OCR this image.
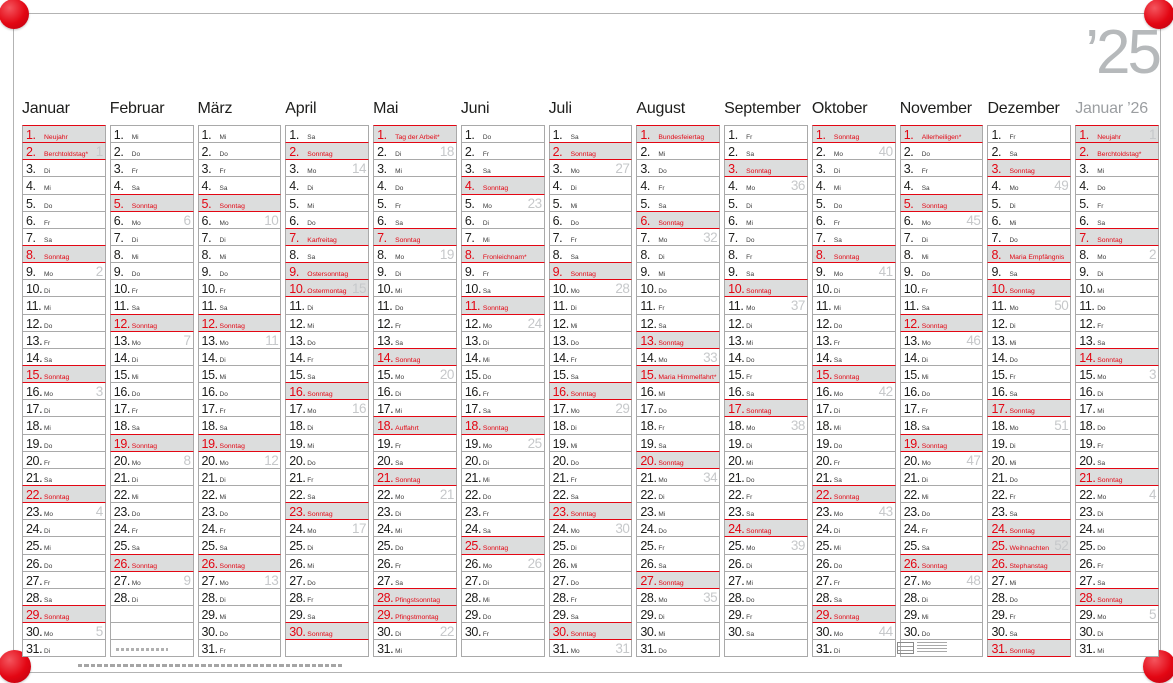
’25
Januar
1. Neujahr
2. Berchtoldstag* 1
3. Di
4. Mi
5. Do
6. Fr
7. Sa
8. Sonntag
9. Mo	2
10. Di
11. Mi
12. Do
13. Fr
14. Sa
15. Sonntag
16. Mo	3
17. Di
18. Mi
19. Do
20. Fr
21. Sa
22. Sonntag
23. Mo	4
24. Di
25. Mi
26. Do
27. Fr
28. Sa
29. Sonntag
30. Mo	5
31. Di
Februar
1. Mi
2. Do
3. Fr
4. Sa
5. Sonntag
6. Mo	6
7. Di
8. Mi
9. Do
10. Fr
11. Sa
12. Sonntag
13. Mo	7
14. Di
15. Mi
16. Do
17. Fr
18. Sa
19. Sonntag
20. Mo	8
21. Di
22. Mi
23. Do
24. Fr
25. Sa
26. Sonntag
27. Mo	9
28. Di
März
1. Mi
2. Do
3. Fr
4. Sa
5. Sonntag
6. Mo	10
7. Di
8. Mi
9. Do
10. Fr
11. Sa
12. Sonntag
13. Mo	11
14. Di
15. Mi
16. Do
17. Fr
18. Sa
19. Sonntag
20. Mo	12
21. Di
22. Mi
23. Do
24. Fr
25. Sa
26. Sonntag
27. Mo	13
28. Di
29. Mi
30. Do
31. Fr
April
1. Sa
2. Sonntag
3. Mo	14
4. Di
5. Mi
6. Do
7. Karfreitag
8. Sa
9. Ostersonntag
10. Ostermontag 15
11. Di
12. Mi
13. Do
14. Fr
15. Sa
16. Sonntag
17. Mo	16
18. Di
19. Mi
20. Do
21. Fr
22. Sa
23. Sonntag
24. Mo	17
25. Di
26. Mi
27. Do
28. Fr
29. Sa
30. Sonntag
Mai
1. Tag der Arbeit*
2. Di	18
3. Mi
4. Do
5. Fr
6. Sa
7. Sonntag
8. Mo	19
9. Di
10. Mi
11. Do
12. Fr
13. Sa
14. Sonntag
15. Mo	20
16. Di
17. Mi
18. Auffahrt
19. Fr
20. Sa
21. Sonntag
22. Mo	21
23. Di
24. Mi
25. Do
26. Fr
27. Sa
28. Pfingstsonntag
29. Pfingstmontag
30. Di	22
31. Mi
Juni
1. Do
2. Fr
3. Sa
4. Sonntag
5. Mo	23
6. Di
7. Mi
8. Fronleichnam*
9. Fr
10. Sa
11. Sonntag
12. Mo	24
13. Di
14. Mi
15. Do
16. Fr
17. Sa
18. Sonntag
19. Mo	25
20. Di
21. Mi
22. Do
23. Fr
24. Sa
25. Sonntag
26. Mo	26
27. Di
28. Mi
29. Do
30. Fr
Juli
1. Sa
2. Sonntag
3. Mo	27
4. Di
5. Mi
6. Do
7. Fr
8. Sa
9. Sonntag
10. Mo	28
11. Di
12. Mi
13. Do
14. Fr
15. Sa
16. Sonntag
17. Mo	29
18. Di
19. Mi
20. Do
21. Fr
22. Sa
23. Sonntag
24. Mo	30
25. Di
26. Mi
27. Do
28. Fr
29. Sa
30. Sonntag
31. Mo	31
August
1. Bundesfeiertag
2. Mi
3. Do
4. Fr
5. Sa
6. Sonntag
7. Mo	32
8. Di
9. Mi
10. Do
11. Fr
12. Sa
13. Sonntag
14. Mo	33
15. Maria Himmelfahrt*
16. Mi
17. Do
18. Fr
19. Sa
20. Sonntag
21. Mo	34
22. Di
23. Mi
24. Do
25. Fr
26. Sa
27. Sonntag
28. Mo	35
29. Di
30. Mi
31. Do
September
1. Fr
2. Sa
3. Sonntag
4. Mo	36
5. Di
6. Mi
7. Do
8. Fr
9. Sa
10. Sonntag
11. Mo	37
12. Di
13. Mi
14. Do
15. Fr
16. Sa
17. Sonntag
18. Mo	38
19. Di
20. Mi
21. Do
22. Fr
23. Sa
24. Sonntag
25. Mo	39
26. Di
27. Mi
28. Do
29. Fr
30. Sa
Oktober
1. Sonntag
2. Mo	40
3. Di
4. Mi
5. Do
6. Fr
7. Sa
8. Sonntag
9. Mo	41
10. Di
11. Mi
12. Do
13. Fr
14. Sa
15. Sonntag
16. Mo	42
17. Di
18. Mi
19. Do
20. Fr
21. Sa
22. Sonntag
23. Mo	43
24. Di
25. Mi
26. Do
27. Fr
28. Sa
29. Sonntag
30. Mo	44
31. Di
November
1. Allerheiligen*
2. Do
3. Fr
4. Sa
5. Sonntag
6. Mo	45
7. Di
8. Mi
9. Do
10. Fr
11. Sa
12. Sonntag
13. Mo	46
14. Di
15. Mi
16. Do
17. Fr
18. Sa
19. Sonntag
20. Mo	47
21. Di
22. Mi
23. Do
24. Fr
25. Sa
26. Sonntag
27. Mo	48
28. Di
29. Mi
30. Do
Dezember
1. Fr
2. Sa
3. Sonntag
4. Mo	49
5. Di
6. Mi
7. Do
8. Maria Empfängnis
9. Sa
10. Sonntag
11. Mo	50
12. Di
13. Mi
14. Do
15. Fr
16. Sa
17. Sonntag
18. Mo	51
19. Di
20. Mi
21. Do
22. Fr
23. Sa
24. Sonntag
25. Weihnachten 52
26. Stephanstag
27. Mi
28. Do
29. Fr
30. Sa
31. Sonntag
Januar ’26
1. Neujahr 1
2. Berchtoldstag*
3. Mi
4. Do
5. Fr
6. Sa
7. Sonntag
8. Mo	2
9. Di
10. Mi
11. Do
12. Fr
13. Sa
14. Sonntag
15. Mo	3
16. Di
17. Mi
18. Do
19. Fr
20. Sa
21. Sonntag
22. Mo	4
23. Di
24. Mi
25. Do
26. Fr
27. Sa
28. Sonntag
29. Mo	5
30. Di
31. Mi
